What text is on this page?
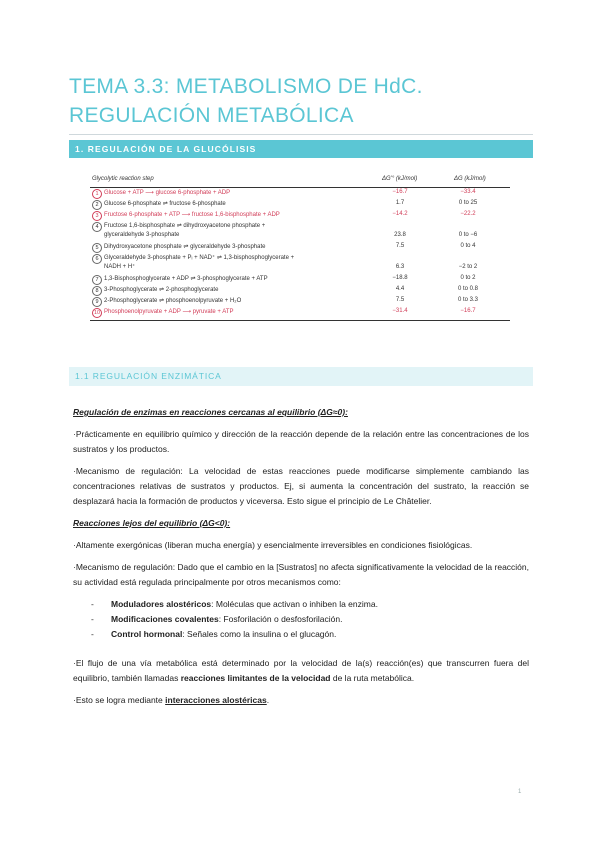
TEMA 3.3: METABOLISMO DE HdC. REGULACIÓN METABÓLICA
1. REGULACIÓN DE LA GLUCÓLISIS
Glycolytic reaction step	ΔG'° (kJ/mol)	ΔG (kJ/mol)
1 Glucose + ATP ⟶ glucose 6-phosphate + ADP	−16.7	−33.4
2 Glucose 6-phosphate ⇌ fructose 6-phosphate	1.7	0 to 25
3 Fructose 6-phosphate + ATP ⟶ fructose 1,6-bisphosphate + ADP	−14.2	−22.2
4 Fructose 1,6-bisphosphate ⇌ dihydroxyacetone phosphate +
glyceraldehyde 3-phosphate	23.8	0 to −6
5 Dihydroxyacetone phosphate ⇌ glyceraldehyde 3-phosphate	7.5	0 to 4
6 Glyceraldehyde 3-phosphate + Pᵢ + NAD⁺ ⇌ 1,3-bisphosphoglycerate +
NADH + H⁺	6.3	−2 to 2
7 1,3-Bisphosphoglycerate + ADP ⇌ 3-phosphoglycerate + ATP	−18.8	0 to 2
8 3-Phosphoglycerate ⇌ 2-phosphoglycerate	4.4	0 to 0.8
9 2-Phosphoglycerate ⇌ phosphoenolpyruvate + H₂O	7.5	0 to 3.3
10 Phosphoenolpyruvate + ADP ⟶ pyruvate + ATP	−31.4	−16.7
1.1 REGULACIÓN ENZIMÁTICA

Regulación de enzimas en reacciones cercanas al equilibrio (ΔG≈0):

·Prácticamente en equilibrio químico y dirección de la reacción depende de la relación entre las concentraciones de los sustratos y los productos.

·Mecanismo de regulación: La velocidad de estas reacciones puede modificarse simplemente cambiando las concentraciones relativas de sustratos y productos. Ej, si aumenta la concentración del sustrato, la reacción se desplazará hacia la formación de productos y viceversa. Esto sigue el principio de Le Châtelier.

Reacciones lejos del equilibrio (ΔG<0):

·Altamente exergónicas (liberan mucha energía) y esencialmente irreversibles en condiciones fisiológicas.

·Mecanismo de regulación: Dado que el cambio en la [Sustratos] no afecta significativamente la velocidad de la reacción, su actividad está regulada principalmente por otros mecanismos como:

- Moduladores alostéricos: Moléculas que activan o inhiben la enzima.
- Modificaciones covalentes: Fosforilación o desfosforilación.
- Control hormonal: Señales como la insulina o el glucagón.

·El flujo de una vía metabólica está determinado por la velocidad de la(s) reacción(es) que transcurren fuera del equilibrio, también llamadas reacciones limitantes de la velocidad de la ruta metabólica.

·Esto se logra mediante interacciones alostéricas.

1
